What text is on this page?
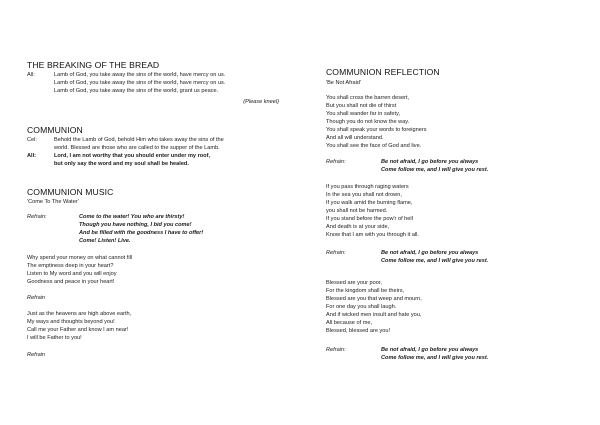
THE BREAKING OF THE BREAD
All:	Lamb of God, you take away the sins of the world, have mercy on us.
Lamb of God, you take away the sins of the world, have mercy on us.
Lamb of God, you take away the sins of the world, grant us peace.
(Please kneel)
COMMUNION
Cel:	Behold the Lamb of God, behold Him who takes away the sins of the
world. Blessed are those who are called to the supper of the Lamb.
All:	Lord, I am not worthy that you should enter under my roof,
but only say the word and my soul shall be healed.
COMMUNION MUSIC
'Come To The Water'
Refrain:	Come to the water! You who are thirsty!
Though you have nothing, I bid you come!
And be filled with the goodness I have to offer!
Come! Listen! Live.
Why spend your money on what cannot fill
The emptiness deep in your heart?
Listen to My word and you will enjoy
Goodness and peace in your heart!
Refrain
Just as the heavens are high above earth,
My ways and thoughts beyond you!
Call me your Father and know I am near!
I will be Father to you!
Refrain
COMMUNION REFLECTION
'Be Not Afraid'
You shall cross the barren desert,
But you shall not die of thirst
You shall wander far in safety,
Though you do not know the way.
You shall speak your words to foreigners
And all will understand.
You shall see the face of God and live.
Refrain:	Be not afraid, I go before you always
Come follow me, and I will give you rest.
If you pass through raging waters
In the sea you shall not drown,
If you walk amid the burning flame,
you shall not be harmed.
If you stand before the pow'r of hell
And death is at your side,
Know that I am with you through it all.
Refrain:	Be not afraid, I go before you always
Come follow me, and I will give you rest.
Blessed are your poor,
For the kingdom shall be theirs,
Blessed are you that weep and mourn,
For one day you shall laugh.
And if wicked men insult and hate you,
All because of me,
Blessed, blessed are you!
Refrain:	Be not afraid, I go before you always
Come follow me, and I will give you rest.
